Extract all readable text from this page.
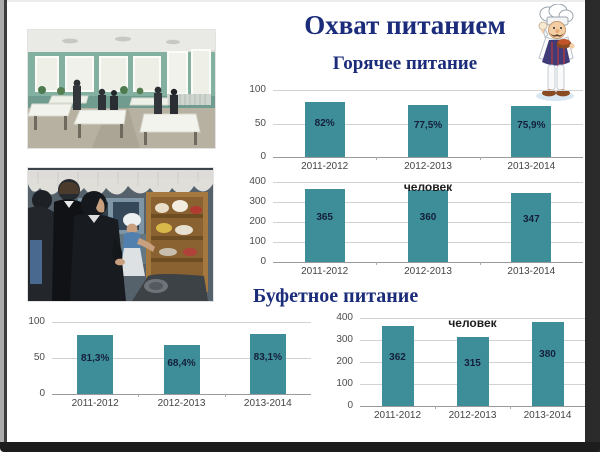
Охват питанием
Горячее питание
Буфетное питание
0
50
100
82%
2011-2012
77,5%
2012-2013
75,9%
2013-2014
0
100
200
300
400
365
2011-2012
360
2012-2013
347
2013-2014
человек
0
50
100
81,3%
2011-2012
68,4%
2012-2013
83,1%
2013-2014	0
100
200
300
400
362
2011-2012
315
2012-2013
380
2013-2014
человек
